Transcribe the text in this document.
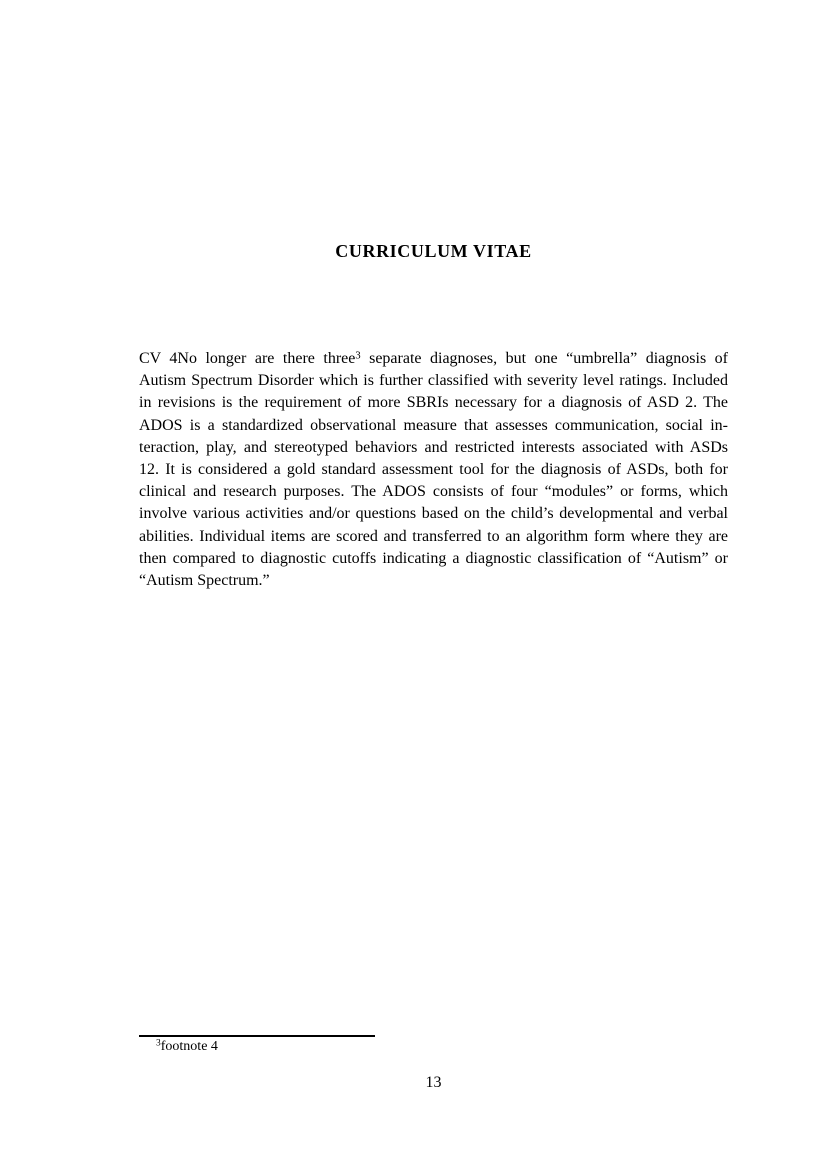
CURRICULUM VITAE
CV 4No longer are there three$^3$ separate diagnoses, but one “umbrella” diagnosis of
Autism Spectrum Disorder which is further classified with severity level ratings. Included
in revisions is the requirement of more SBRIs necessary for a diagnosis of ASD 2. The
ADOS is a standardized observational measure that assesses communication, social in-
teraction, play, and stereotyped behaviors and restricted interests associated with ASDs
12. It is considered a gold standard assessment tool for the diagnosis of ASDs, both for
clinical and research purposes. The ADOS consists of four “modules” or forms, which
involve various activities and/or questions based on the child’s developmental and verbal
abilities. Individual items are scored and transferred to an algorithm form where they are
then compared to diagnostic cutoffs indicating a diagnostic classification of “Autism” or
“Autism Spectrum.”
$^3$footnote 4
13
